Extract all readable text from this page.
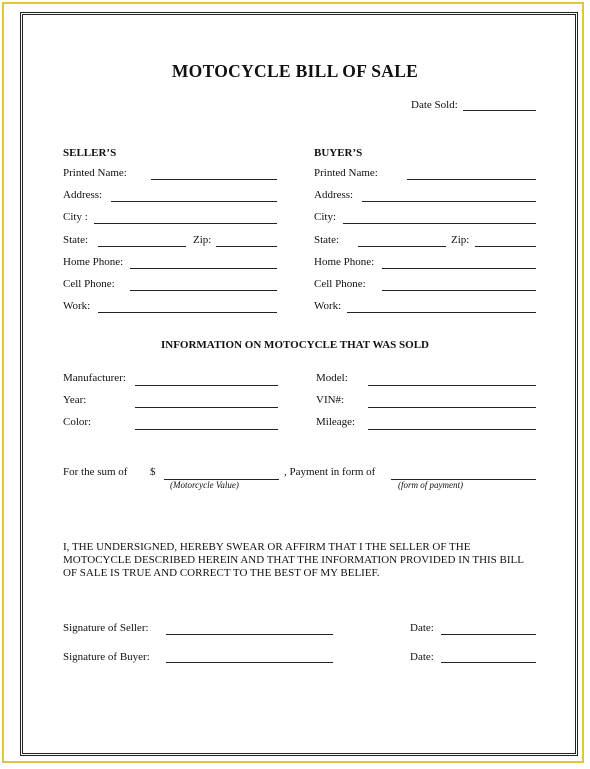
MOTOCYCLE BILL OF SALE
Date Sold:
SELLER’S
Printed Name:
Address:
City :
State:	Zip:
Home Phone:
Cell Phone:
Work:
BUYER’S
Printed Name:
Address:
City:
State:	Zip:
Home Phone:
Cell Phone:
Work:
INFORMATION ON MOTOCYCLE THAT WAS SOLD
Manufacturer:
Year:
Color:
Model:
VIN#:
Mileage:
For the sum of $
(Motorcycle Value)
, Payment in form of
(form of payment)
I, THE UNDERSIGNED, HEREBY SWEAR OR AFFIRM THAT I THE SELLER OF THE MOTOCYCLE DESCRIBED HEREIN AND THAT THE INFORMATION PROVIDED IN THIS BILL OF SALE IS TRUE AND CORRECT TO THE BEST OF MY BELIEF.
Signature of Seller:	Date:
Signature of Buyer:	Date:
